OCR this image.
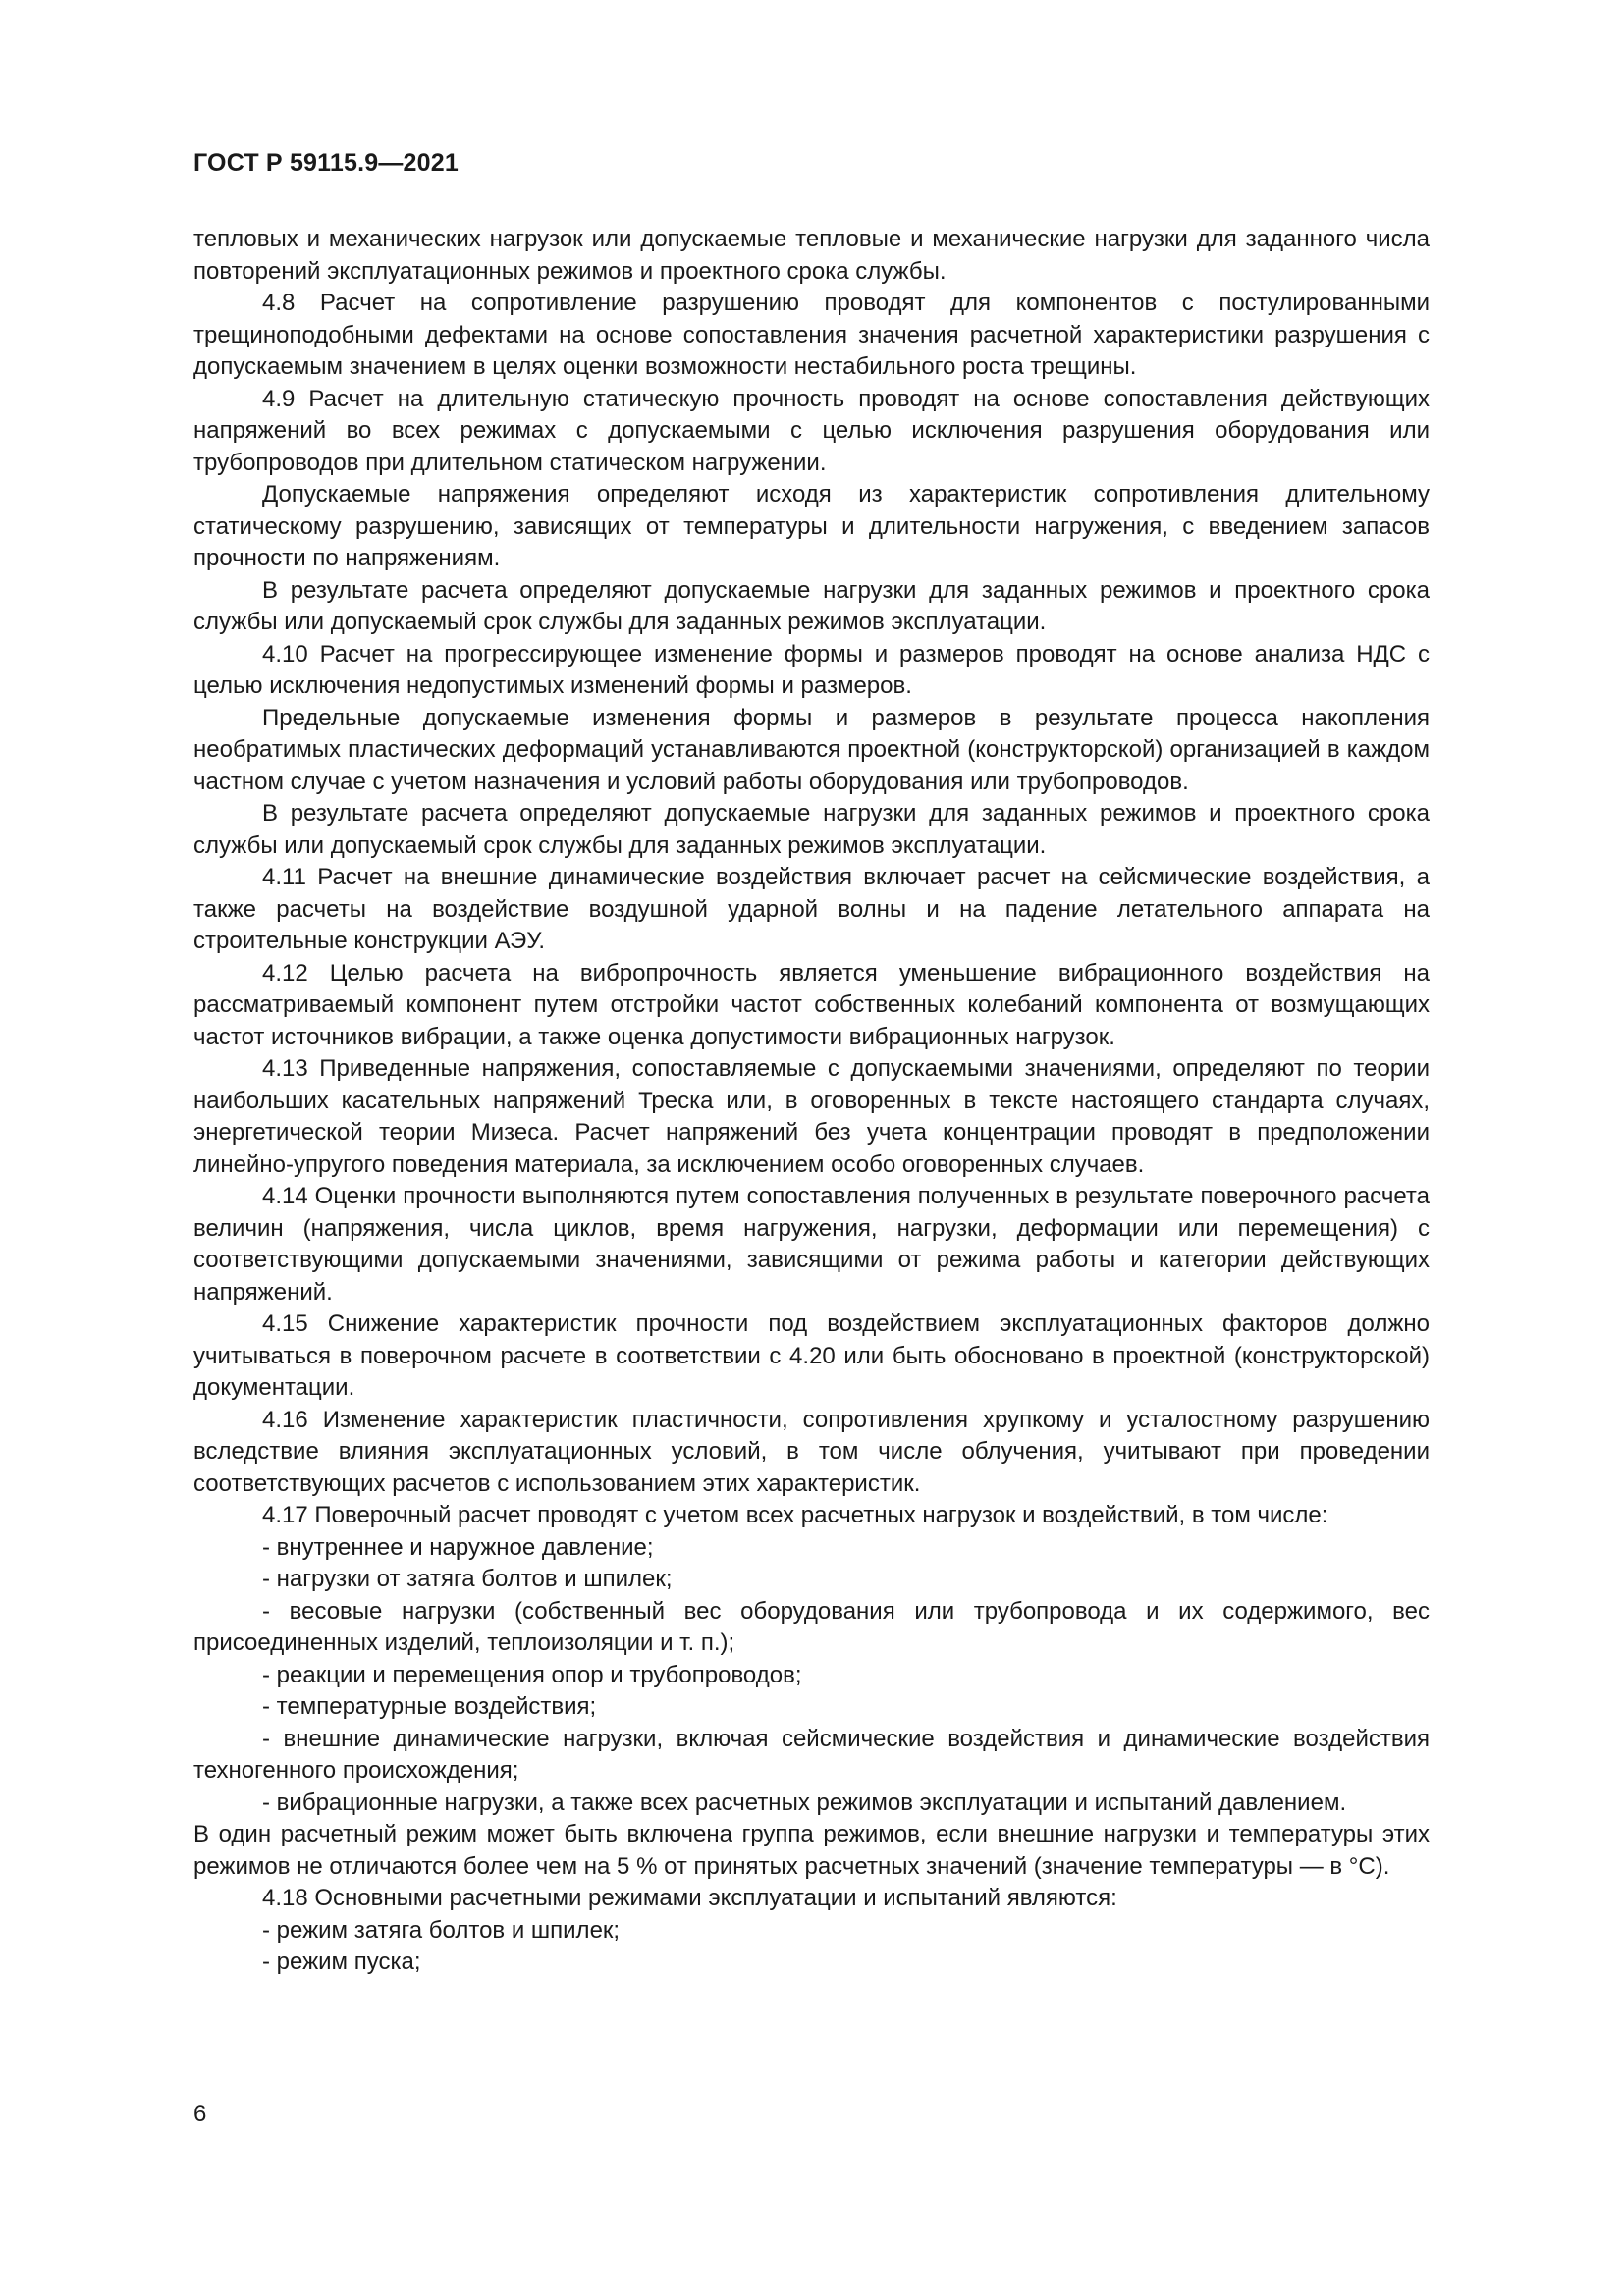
ГОСТ Р 59115.9—2021

тепловых и механических нагрузок или допускаемые тепловые и механические нагрузки для заданного числа повторений эксплуатационных режимов и проектного срока службы.

4.8 Расчет на сопротивление разрушению проводят для компонентов с постулированными трещиноподобными дефектами на основе сопоставления значения расчетной характеристики разрушения с допускаемым значением в целях оценки возможности нестабильного роста трещины.

4.9 Расчет на длительную статическую прочность проводят на основе сопоставления действующих напряжений во всех режимах с допускаемыми с целью исключения разрушения оборудования или трубопроводов при длительном статическом нагружении.

Допускаемые напряжения определяют исходя из характеристик сопротивления длительному статическому разрушению, зависящих от температуры и длительности нагружения, с введением запасов прочности по напряжениям.

В результате расчета определяют допускаемые нагрузки для заданных режимов и проектного срока службы или допускаемый срок службы для заданных режимов эксплуатации.

4.10 Расчет на прогрессирующее изменение формы и размеров проводят на основе анализа НДС с целью исключения недопустимых изменений формы и размеров.

Предельные допускаемые изменения формы и размеров в результате процесса накопления необратимых пластических деформаций устанавливаются проектной (конструкторской) организацией в каждом частном случае с учетом назначения и условий работы оборудования или трубопроводов.

В результате расчета определяют допускаемые нагрузки для заданных режимов и проектного срока службы или допускаемый срок службы для заданных режимов эксплуатации.

4.11 Расчет на внешние динамические воздействия включает расчет на сейсмические воздействия, а также расчеты на воздействие воздушной ударной волны и на падение летательного аппарата на строительные конструкции АЭУ.

4.12 Целью расчета на вибропрочность является уменьшение вибрационного воздействия на рассматриваемый компонент путем отстройки частот собственных колебаний компонента от возмущающих частот источников вибрации, а также оценка допустимости вибрационных нагрузок.

4.13 Приведенные напряжения, сопоставляемые с допускаемыми значениями, определяют по теории наибольших касательных напряжений Треска или, в оговоренных в тексте настоящего стандарта случаях, энергетической теории Мизеса. Расчет напряжений без учета концентрации проводят в предположении линейно-упругого поведения материала, за исключением особо оговоренных случаев.

4.14 Оценки прочности выполняются путем сопоставления полученных в результате поверочного расчета величин (напряжения, числа циклов, время нагружения, нагрузки, деформации или перемещения) с соответствующими допускаемыми значениями, зависящими от режима работы и категории действующих напряжений.

4.15 Снижение характеристик прочности под воздействием эксплуатационных факторов должно учитываться в поверочном расчете в соответствии с 4.20 или быть обосновано в проектной (конструкторской) документации.

4.16 Изменение характеристик пластичности, сопротивления хрупкому и усталостному разрушению вследствие влияния эксплуатационных условий, в том числе облучения, учитывают при проведении соответствующих расчетов с использованием этих характеристик.

4.17 Поверочный расчет проводят с учетом всех расчетных нагрузок и воздействий, в том числе:

- внутреннее и наружное давление;

- нагрузки от затяга болтов и шпилек;

- весовые нагрузки (собственный вес оборудования или трубопровода и их содержимого, вес присоединенных изделий, теплоизоляции и т. п.);

- реакции и перемещения опор и трубопроводов;

- температурные воздействия;

- внешние динамические нагрузки, включая сейсмические воздействия и динамические воздействия техногенного происхождения;

- вибрационные нагрузки, а также всех расчетных режимов эксплуатации и испытаний давлением.

В один расчетный режим может быть включена группа режимов, если внешние нагрузки и температуры этих режимов не отличаются более чем на 5 % от принятых расчетных значений (значение температуры — в °C).

4.18 Основными расчетными режимами эксплуатации и испытаний являются:

- режим затяга болтов и шпилек;

- режим пуска;

6
